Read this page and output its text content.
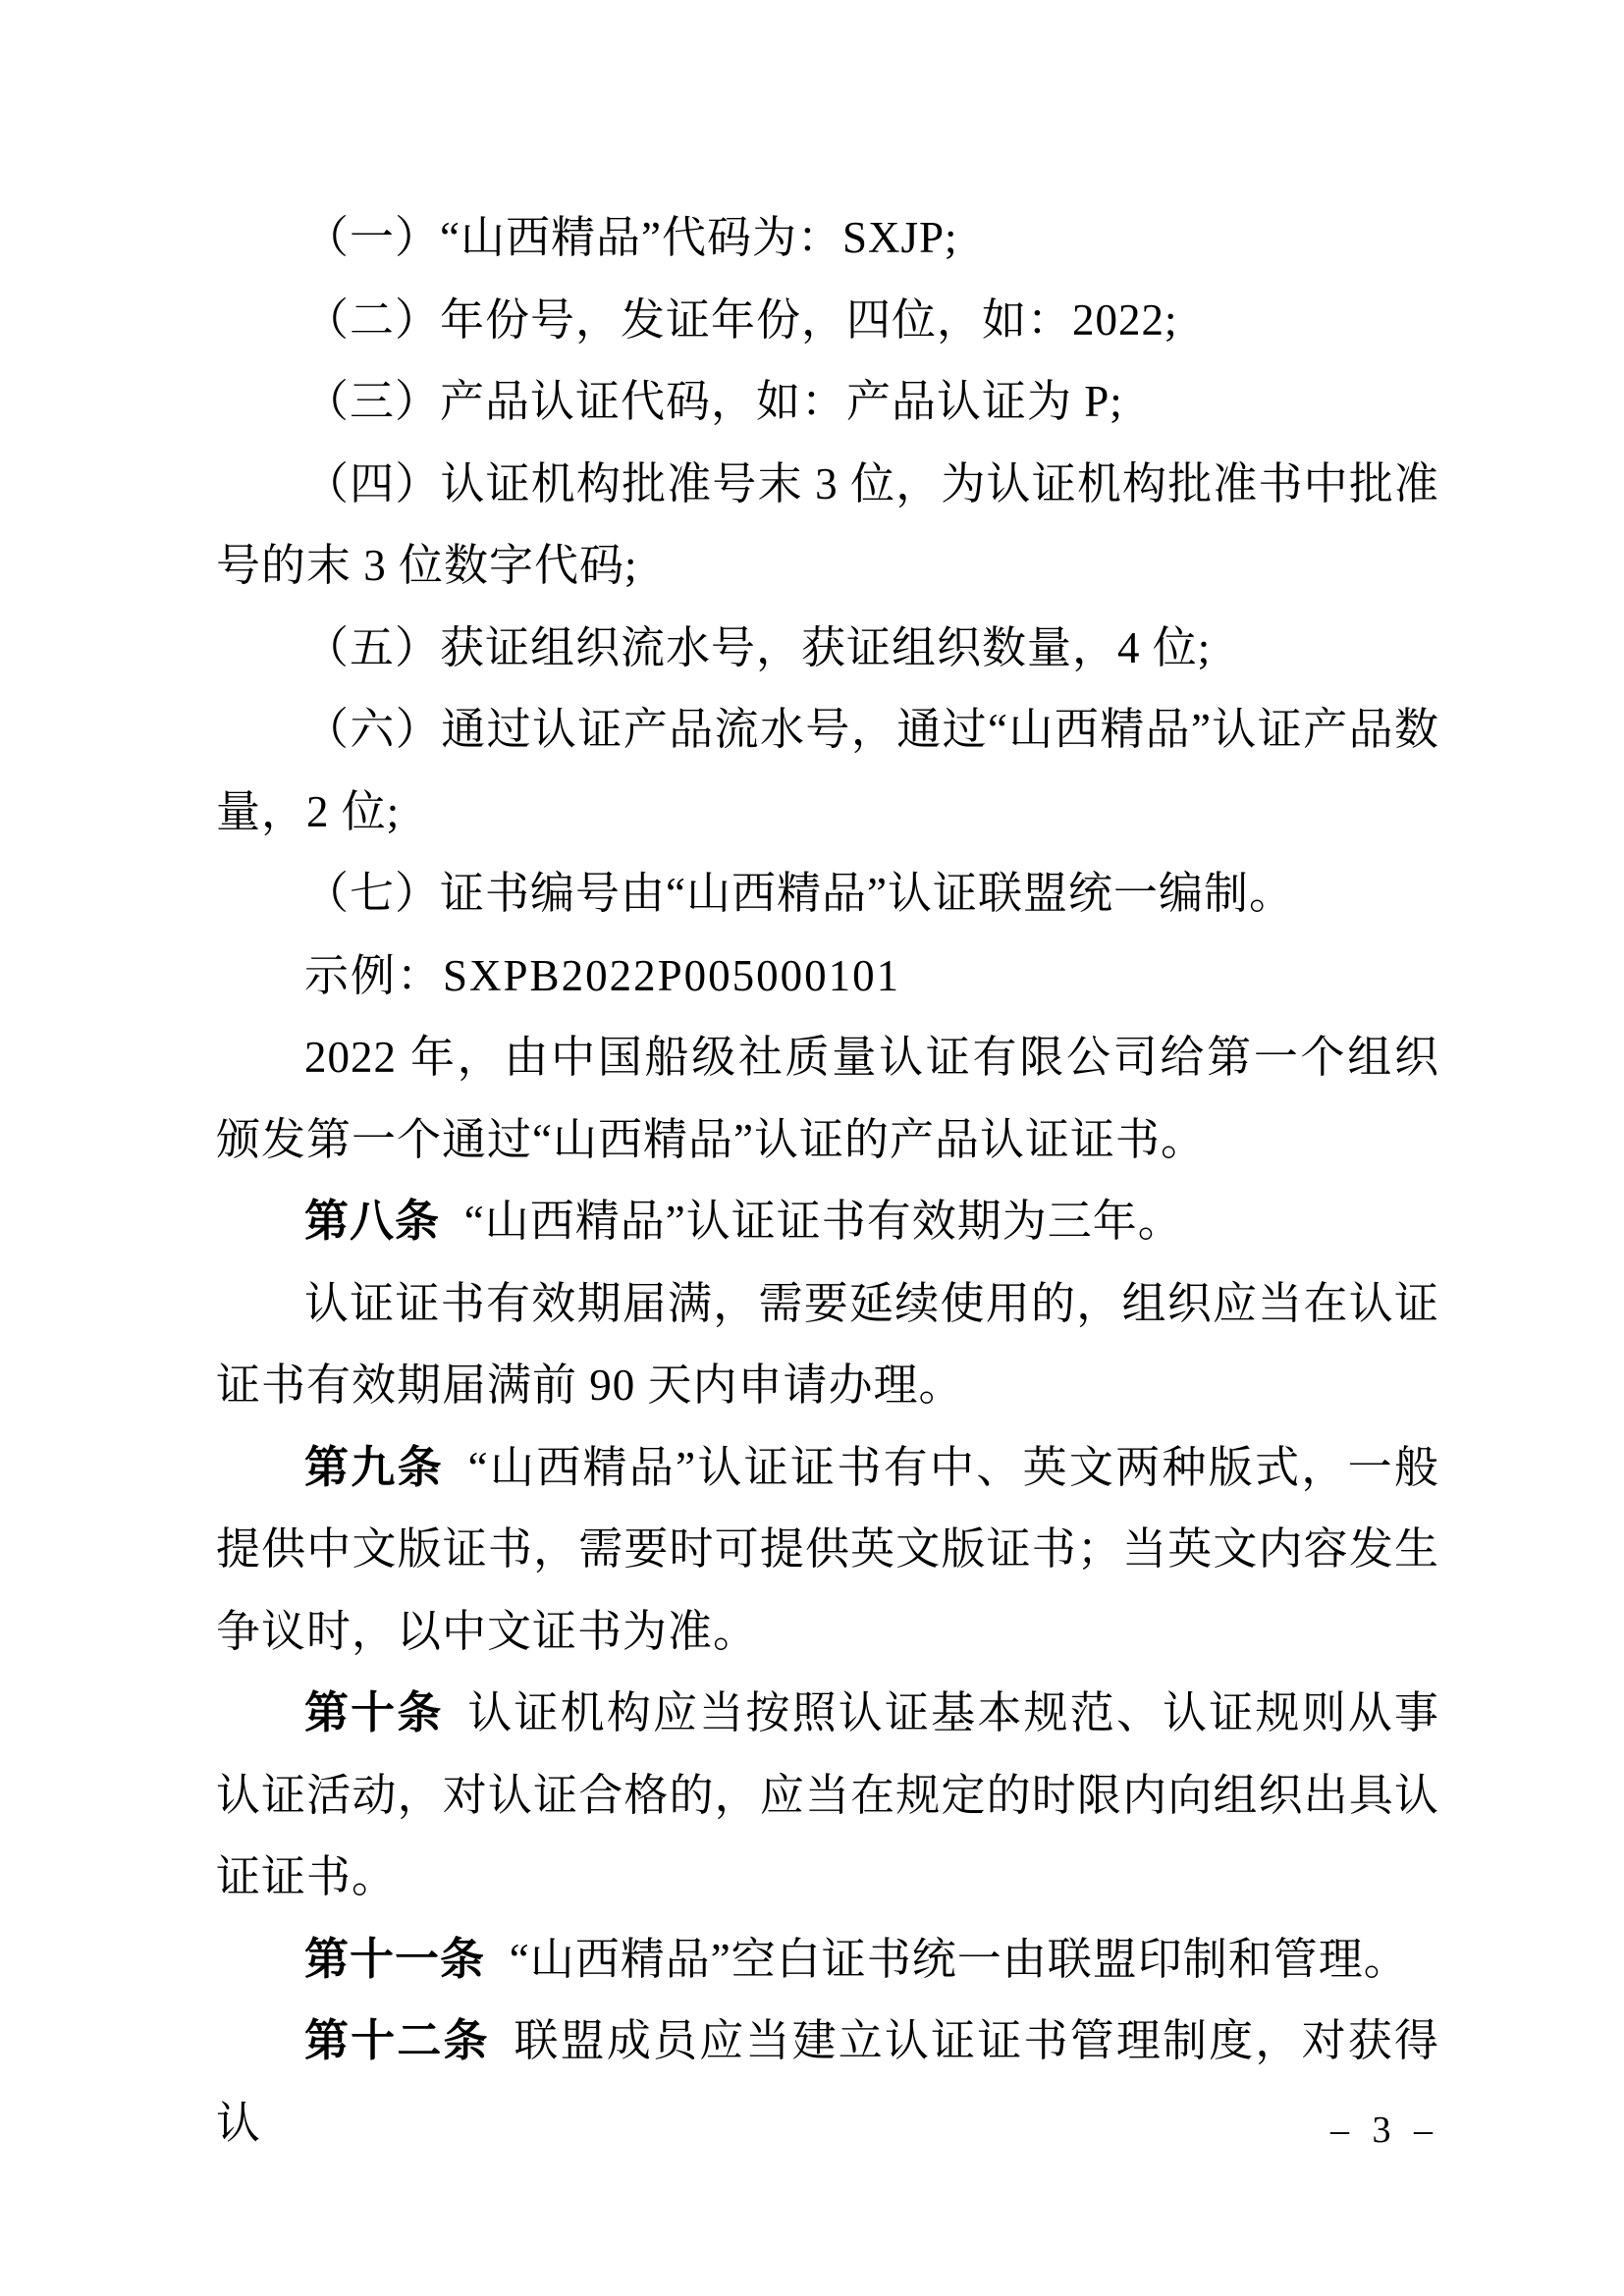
（一）“山西精品”代码为：SXJP;

（二）年份号，发证年份，四位，如：2022;

（三）产品认证代码，如：产品认证为 P;

（四）认证机构批准号末 3 位，为认证机构批准书中批准号的末 3 位数字代码;

（五）获证组织流水号，获证组织数量，4 位;

（六）通过认证产品流水号，通过“山西精品”认证产品数量，2 位;

（七）证书编号由“山西精品”认证联盟统一编制。

示例：SXPB2022P005000101

2022 年，由中国船级社质量认证有限公司给第一个组织颁发第一个通过“山西精品”认证的产品认证证书。

第八条 “山西精品”认证证书有效期为三年。

认证证书有效期届满，需要延续使用的，组织应当在认证证书有效期届满前 90 天内申请办理。

第九条 “山西精品”认证证书有中、英文两种版式，一般提供中文版证书，需要时可提供英文版证书；当英文内容发生争议时，以中文证书为准。

第十条 认证机构应当按照认证基本规范、认证规则从事认证活动，对认证合格的，应当在规定的时限内向组织出具认证证书。

第十一条 “山西精品”空白证书统一由联盟印制和管理。

第十二条 联盟成员应当建立认证证书管理制度，对获得认	– 3 –
